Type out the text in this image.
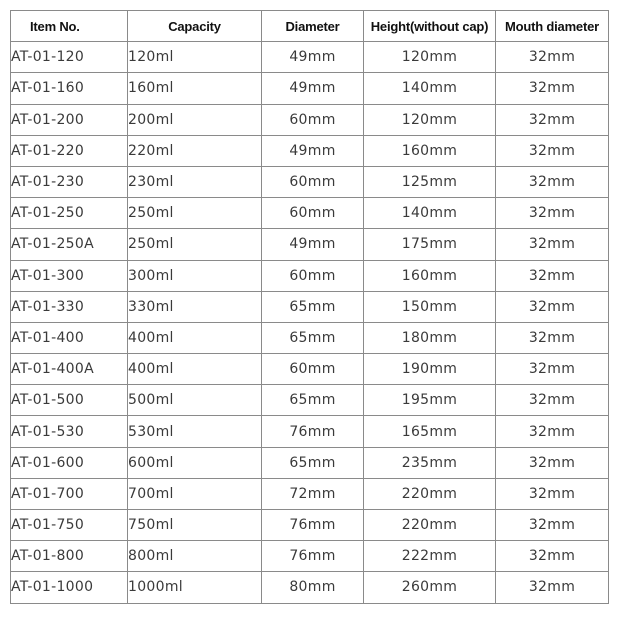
Item No.	Capacity	Diameter	Height(without cap)	Mouth diameter
AT-01-120	120ml	49mm	120mm	32mm
AT-01-160	160ml	49mm	140mm	32mm
AT-01-200	200ml	60mm	120mm	32mm
AT-01-220	220ml	49mm	160mm	32mm
AT-01-230	230ml	60mm	125mm	32mm
AT-01-250	250ml	60mm	140mm	32mm
AT-01-250A	250ml	49mm	175mm	32mm
AT-01-300	300ml	60mm	160mm	32mm
AT-01-330	330ml	65mm	150mm	32mm
AT-01-400	400ml	65mm	180mm	32mm
AT-01-400A	400ml	60mm	190mm	32mm
AT-01-500	500ml	65mm	195mm	32mm
AT-01-530	530ml	76mm	165mm	32mm
AT-01-600	600ml	65mm	235mm	32mm
AT-01-700	700ml	72mm	220mm	32mm
AT-01-750	750ml	76mm	220mm	32mm
AT-01-800	800ml	76mm	222mm	32mm
AT-01-1000	1000ml	80mm	260mm	32mm
